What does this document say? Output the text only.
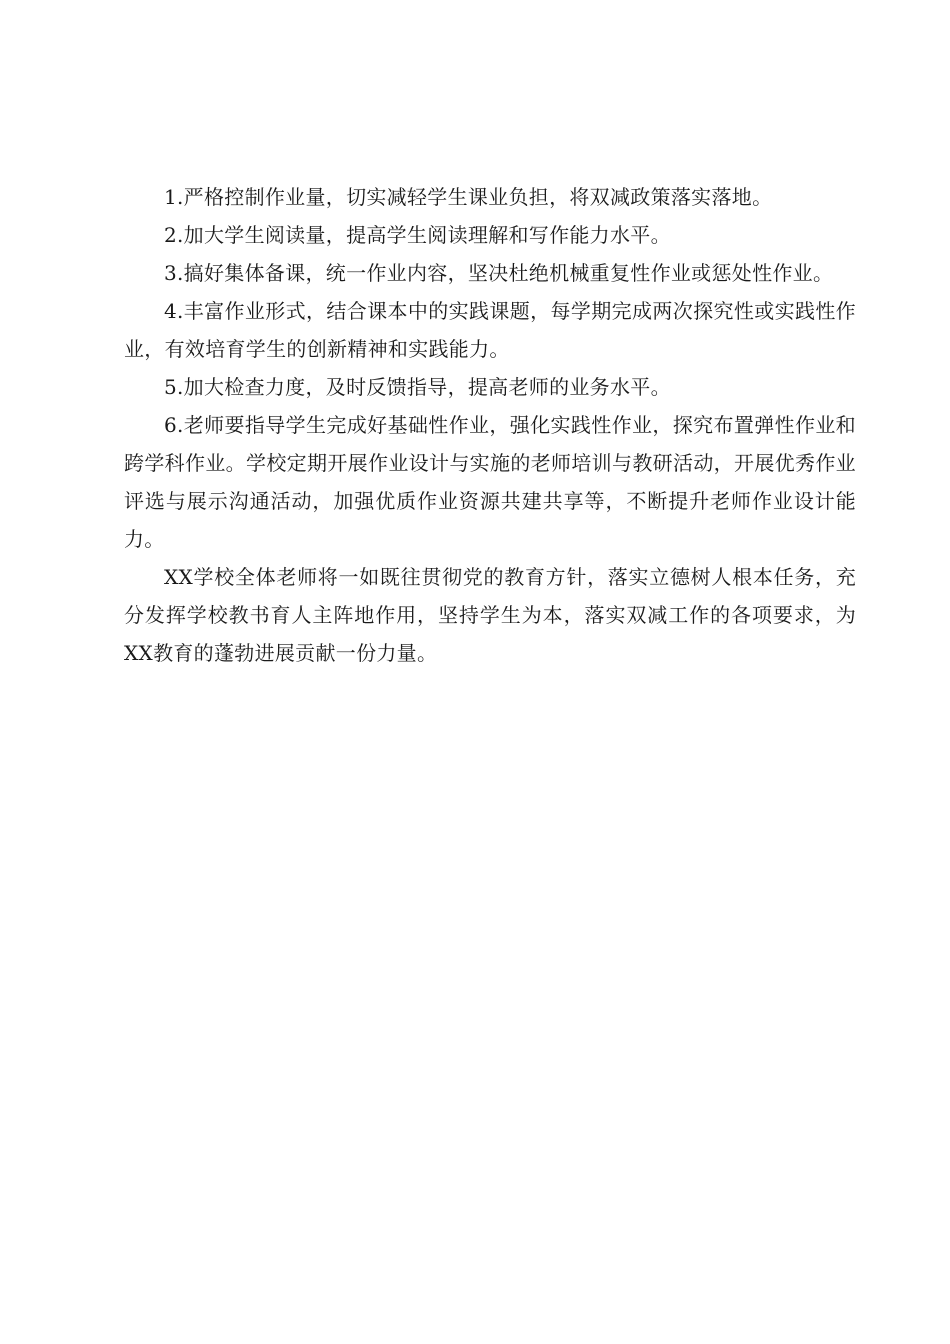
1.严格控制作业量，切实减轻学生课业负担，将双减政策落实落地。

2.加大学生阅读量，提高学生阅读理解和写作能力水平。

3.搞好集体备课，统一作业内容，坚决杜绝机械重复性作业或惩处性作业。

4.丰富作业形式，结合课本中的实践课题，每学期完成两次探究性或实践性作业，有效培育学生的创新精神和实践能力。

5.加大检查力度，及时反馈指导，提高老师的业务水平。

6.老师要指导学生完成好基础性作业，强化实践性作业，探究布置弹性作业和跨学科作业。学校定期开展作业设计与实施的老师培训与教研活动，开展优秀作业评选与展示沟通活动，加强优质作业资源共建共享等，不断提升老师作业设计能力。

XX学校全体老师将一如既往贯彻党的教育方针，落实立德树人根本任务，充分发挥学校教书育人主阵地作用，坚持学生为本，落实双减工作的各项要求，为XX教育的蓬勃进展贡献一份力量。
